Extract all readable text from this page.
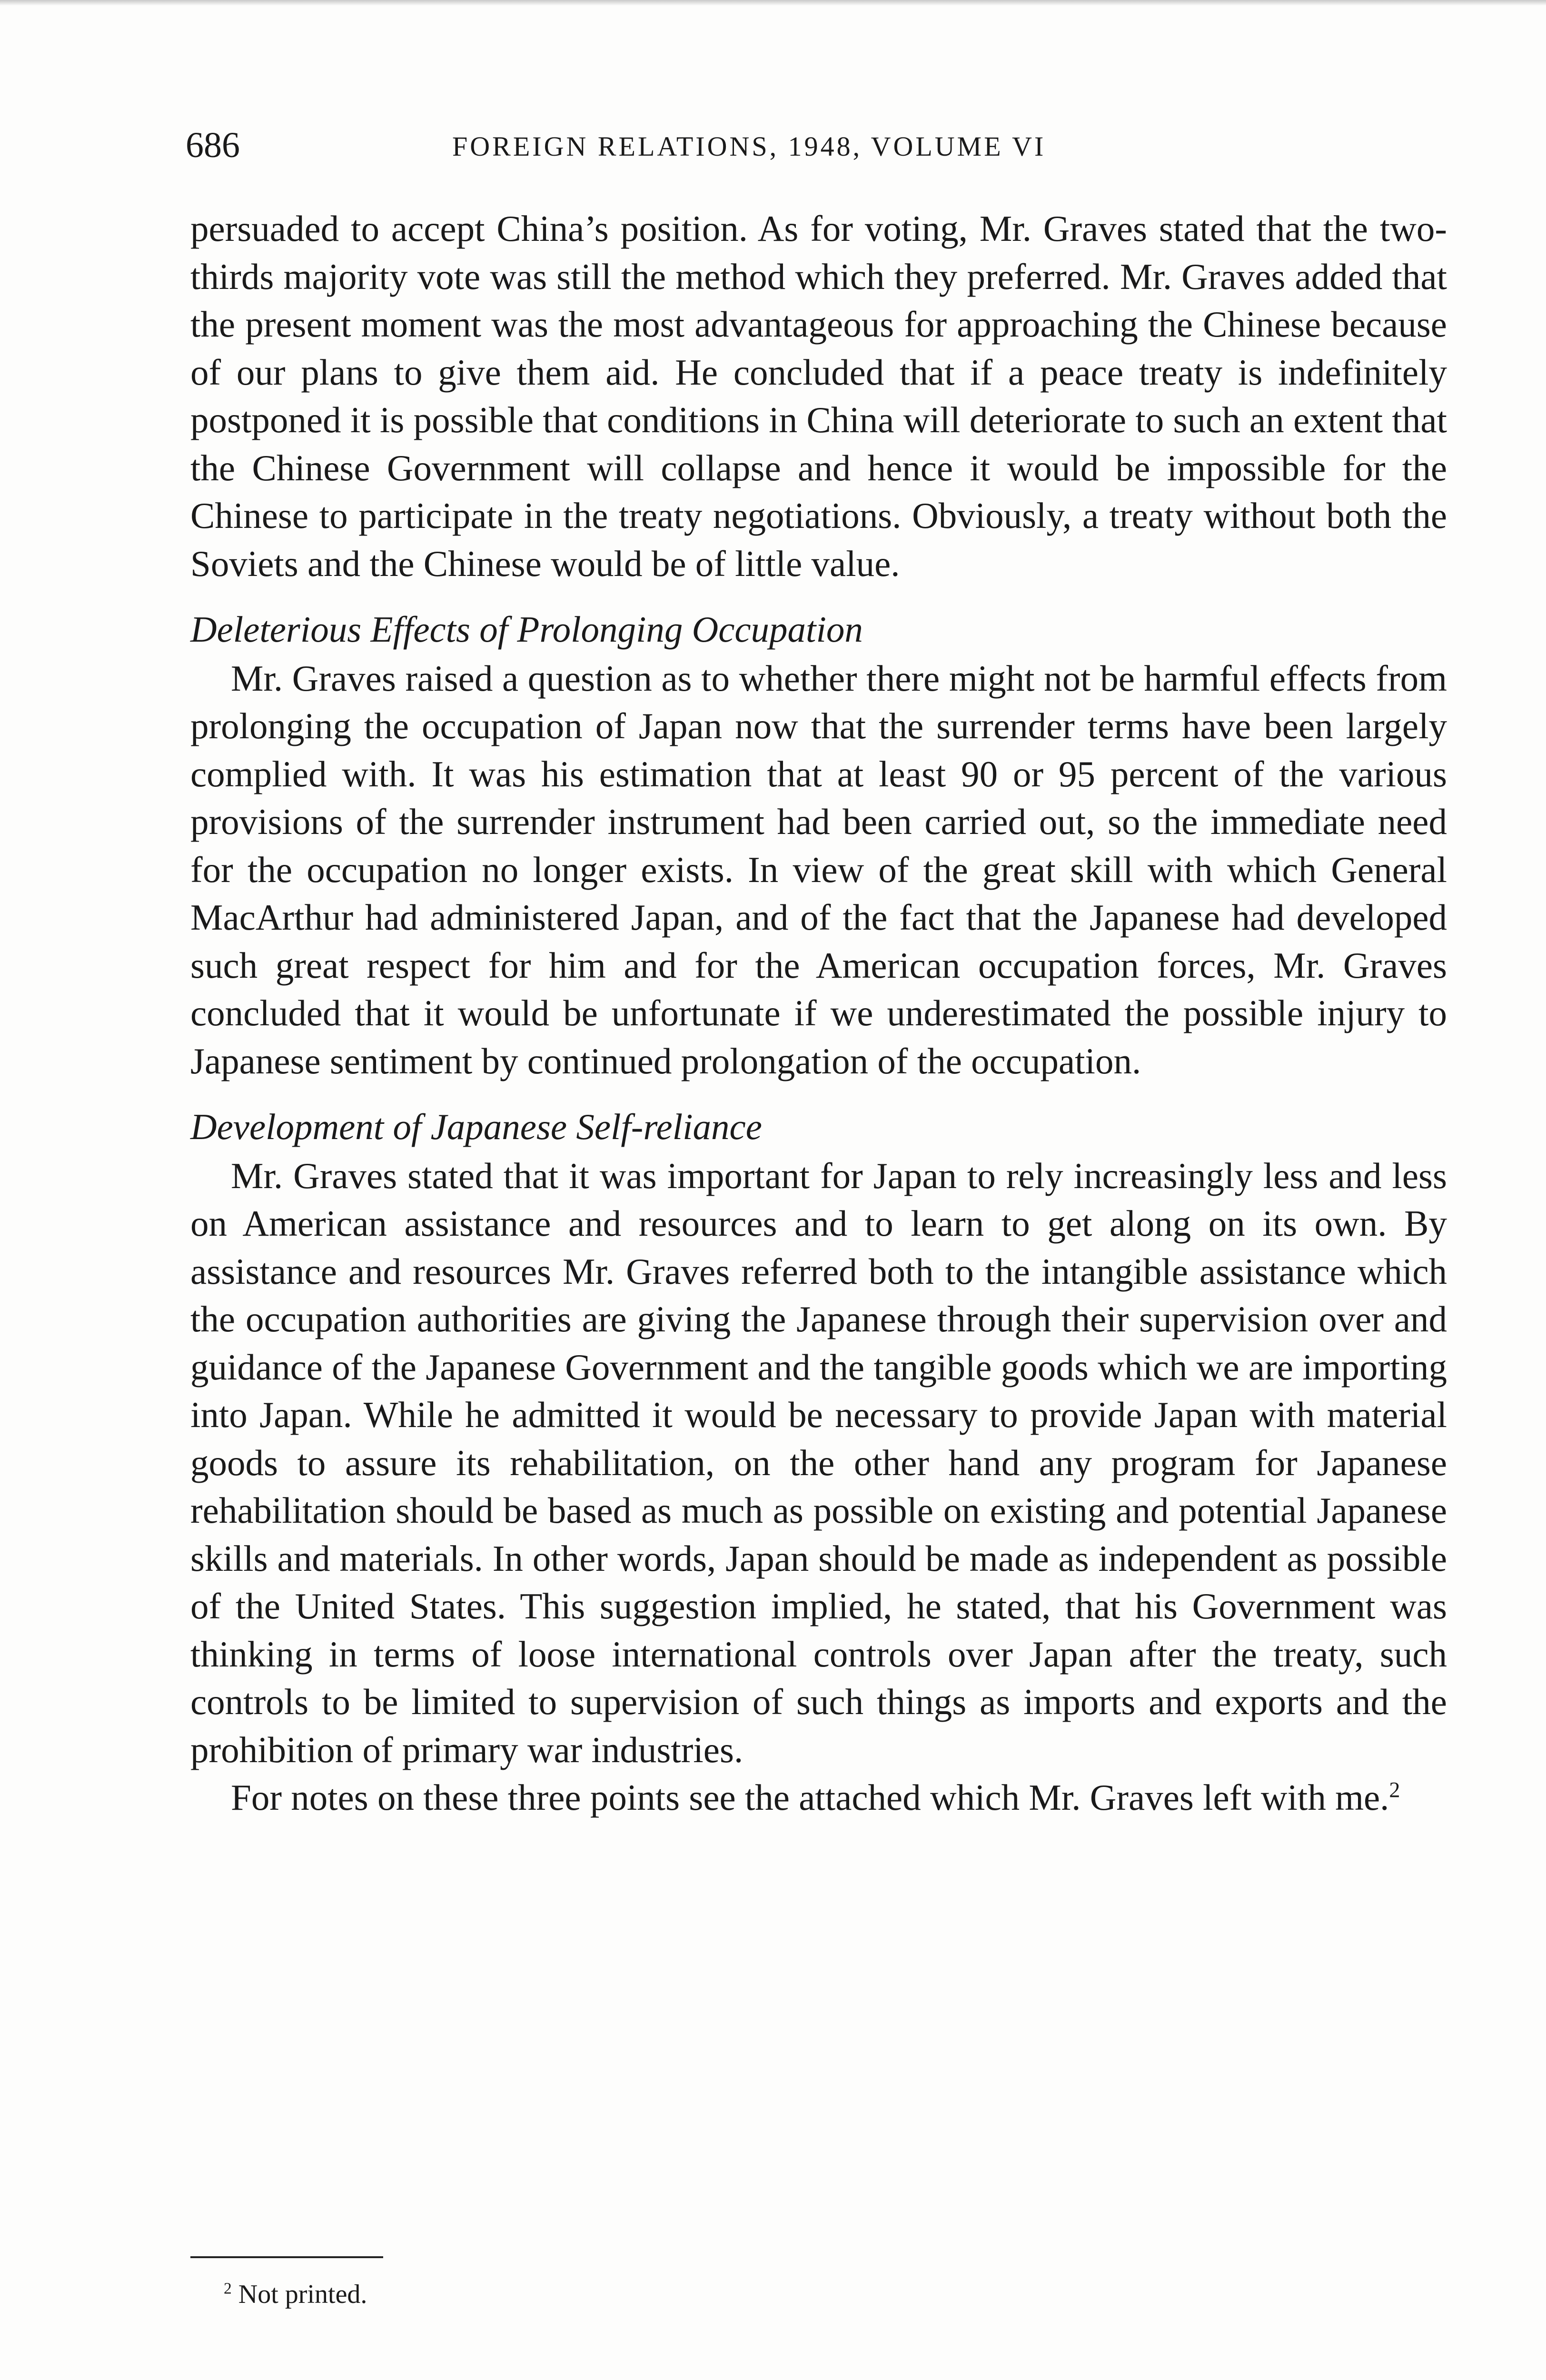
686	FOREIGN RELATIONS, 1948, VOLUME VI

persuaded to accept China’s position. As for voting, Mr. Graves stated that the two-thirds majority vote was still the method which they preferred. Mr. Graves added that the present moment was the most advantageous for approaching the Chinese because of our plans to give them aid. He concluded that if a peace treaty is indefinitely postponed it is possible that conditions in China will deteriorate to such an extent that the Chinese Government will collapse and hence it would be impossible for the Chinese to participate in the treaty negotiations. Obviously, a treaty without both the Soviets and the Chinese would be of little value.

Deleterious Effects of Prolonging Occupation

Mr. Graves raised a question as to whether there might not be harmful effects from prolonging the occupation of Japan now that the surrender terms have been largely complied with. It was his estimation that at least 90 or 95 percent of the various provisions of the surrender instrument had been carried out, so the immediate need for the occupation no longer exists. In view of the great skill with which General MacArthur had administered Japan, and of the fact that the Japanese had developed such great respect for him and for the American occupation forces, Mr. Graves concluded that it would be unfortunate if we underestimated the possible injury to Japanese sentiment by continued prolongation of the occupation.

Development of Japanese Self-reliance

Mr. Graves stated that it was important for Japan to rely increasingly less and less on American assistance and resources and to learn to get along on its own. By assistance and resources Mr. Graves referred both to the intangible assistance which the occupation authorities are giving the Japanese through their supervision over and guidance of the Japanese Government and the tangible goods which we are importing into Japan. While he admitted it would be necessary to provide Japan with material goods to assure its rehabilitation, on the other hand any program for Japanese rehabilitation should be based as much as possible on existing and potential Japanese skills and materials. In other words, Japan should be made as independent as possible of the United States. This suggestion implied, he stated, that his Government was thinking in terms of loose international controls over Japan after the treaty, such controls to be limited to supervision of such things as imports and exports and the prohibition of primary war industries.

For notes on these three points see the attached which Mr. Graves left with me.$^2$

$^2$ Not printed.
